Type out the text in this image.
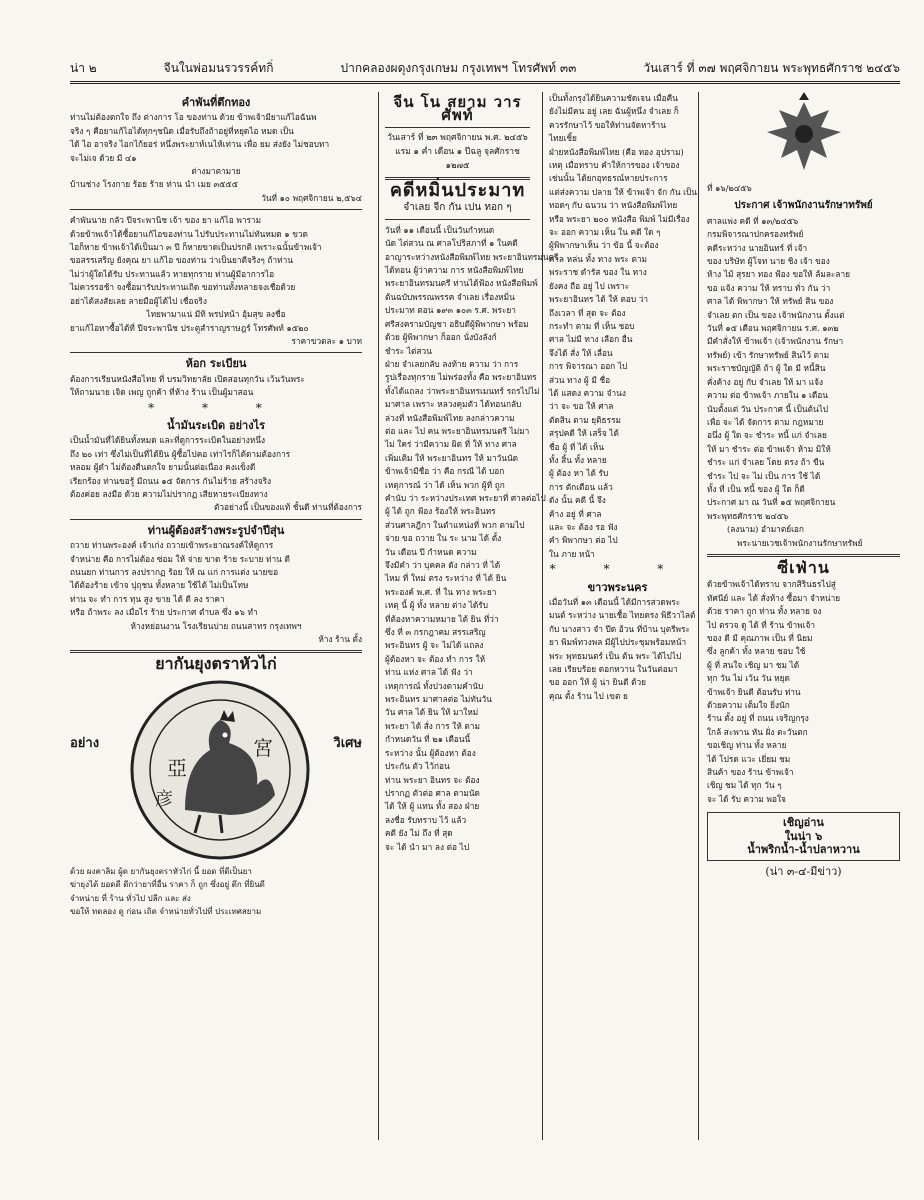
น่า ๒	จีนในพ่อมนรวรรค์ทกิ่	ปากคลองผดุงกรุงเกษม กรุงเทพฯ โทรศัพท์ ๓๓	วันเสาร์ ที่ ๓๗ พฤศจิกายน พระพุทธศักราช ๒๔๕๖
คำพันที่ตึกทอง
ท่านไม่ต้องตกใจ ถึง ต่างการ โอ ของท่าน ด้วย ข้าพเจ้ามียาแก้ไอฉันพ
จริง ๆ คือยาแก้ไอได้ทุกๆชนิด เมื่อรับถึงถ้าอยู่ที่หยุดไอ หมด เป็น
ได้ ไอ อาจริง ไอกไก้ยอร่ หนึ่งพระยาห์เนไห้เท่าน เพื่อ ยม ส่งยัง ไม่ชอบทา
จะไม่เจ ด้วย มี ๔๑
ต่างมาตามาย
บ้านช่าง โรงกาย ร้อย ร้าย ท่าน นำ เมย ๓๕๕๕
วันที่ ๑๐ พฤศจิกายน ๒,๕๖๔
คำพันนาย กลัว ปีจระพานิช เจ้า ของ ยา แก้ไอ พาราม
ด้วยข้าพเจ้าได้ซื้อยาแก้ไอของท่าน ไปรับประทานไม่ทันหมด ๑ ขวด
ไอก็หาย ข้าพเจ้าได้เป็นมา ๓ ปี ก็หายขาดเป็นปรกติ เพราะฉนั้นข้าพเจ้า
ขอสรรเสริญ ยังคุณ ยา แก้ไอ ของท่าน ว่าเป็นยาดีจริงๆ ถ้าท่าน
ไม่ว่าผู้ใดได้รับ ประทานแล้ว หายทุกราย ท่านผู้มีอาการไอ
ไม่ควรรอช้า จงซื้อมารับประทานเถิด ขอท่านทั้งหลายจงเชื่อด้วย
อย่าได้สงสัยเลย ลายมือผู้ได้ไป เชื่อจริง
ไทยพามาแน่ มีทิ พรปหน้า อุ้มสุข ลงชื่อ
ยาแก้ไอหาซื้อได้ที่ ปีจระพานิช ประตูสำราญราษฎร์ โทรศัพท์ ๑๕๒๐
ราคาขวดละ ๑ บาท
ห้อก ระเบียน
ต้องการเรียนหนังสือไทย ที่ บรมวิทยาลัย เปิดสอนทุกวัน เว้นวันพระ
ให้ถามนาย เจิด เพญ ถูกค้า ที่ห้าง ร้าน เป็นผู้มาสอน
* * *
น้ำมันระเบิด อย่างไร
เป็นน้ำมันที่ได้ยินทั้งหมด และที่ดูการระเบิดในอย่างหนึ่ง
ถึง ๒๐ เท่า ซึ่งไม่เป็นที่ได้ยิน ผู้ซื้อไปคอ เท่าไรก็ได้ตามต้องการ
หลอม ผู้ดำ ไม่ต้องตื่นตกใจ ยามนั้นต่อเนื่อง คงแข็งดี
เรียกร้อง ท่านขอรู้ มีถนน ๑๕ จัดการ กันไม่ร้าย สร้างจริง
ต้องค่อย ลงมือ ด้วย ความไม่ปรากฏ เสียหายระเบียงทาง
ตัวอย่างนี้ เป็นของแท้ ชั้นดี ท่านที่ต้องการ
ท่านผู้ต้องสร้างพระรูปจำปีสุ่น
ถวาย ท่านพระองค์ เจ้าเก่ง ถวายเข้าพระยาณรงค์ให้ดูการ
จำหน่าย คือ การไม่ต้อง ซ่อม ให้ จ่าย ขาด ร้าย ระบาย ท่าน ดี
ถนนยก ท่านการ ลงปรากฏ ร้อย ให้ ณ แก่ การแต่ง นายขอ
ได้ต้องร้าย เข้าจ ปุถุชน ทั้งหลาย ใช้ได้ ไม่เป็นโทษ
ท่าน จะ ทำ การ ทุน สูง ขาย ได้ ดี ลง ราคา
หรือ ถ้าพระ ลง เมื่อไร ร้าย ประกาศ ตำบล ซึ่ง ๑๖ ทำ
ห้างหย่อนงาน โรงเรียนบ่าย ถนนสาทร กรุงเทพฯ
ห้าง ร้าน ตั้ง
ยากันยุงตราหัวไก่
อย่าง	วิเศษ
亞
宮
彦
ด้วย ผงคาลิม ผู้ด ยากันยุงตราหัวไก่ นี้ ยอด ที่ดีเป็นยา
ฆ่ายุงได้ ยอดดี ดีกว่ายาที่อื่น ราคา ก็ ถูก ซึ่งอยู่ ตึก ที่ยินดี
จำหน่าย ที่ ร้าน ทั่วไป ปลีก และ ส่ง
ขอให้ ทดลอง ดู ก่อน เถิด จำหน่ายทั่วไปที่ ประเทศสยาม
จีน โน สยาม วาร ศัพท์
วันเสาร์ ที่ ๒๓ พฤศจิกายน พ.ศ. ๒๔๕๖
แรม ๑ ค่ำ เดือน ๑ ปีฉลู จุลศักราช ๑๒๗๕
คดีหมิ่นประมาท
จำเลย จีก กัน เปน ทอก ๆ
วันที่ ๑๑ เดือนนี้ เป็นวันกำหนด
นัด ไต่สวน ณ ศาลโปริสภาที่ ๑ ในคดี
อาญาระหว่างหนังสือพิมพ์ไทย พระยาอินทรมนตรี
ได้ทอน ผู้ว่าความ การ หนังสือพิมพ์ไทย
พระยาอินทรมนตรี ท่านได้ฟ้อง หนังสือพิมพ์
ต้นฉบับพรรณพรรค จำเลย เรื่องหมิ่น
ประมาท ตอน ๑๙๓ ๑๐๓ ร.ศ. พระยา
ศรีสงครามบัญชา อธิบดีผู้พิพากษา พร้อม
ด้วย ผู้พิพากษา ก็ออก นั่งบังลังก์
ชำระ ไต่สวน
ฝ่าย จำเลยกลับ ลงท้าย ความ ว่า การ
รูปเรื่องทุกราย ไม่พร่องทั้ง คือ พระยาอินทร
ทั้งได้แถลง ว่าพระยาอินทรเมนทร์ รถรไปไม่
มาศาล เพราะ หลวงคุมตัว ได้ทอนกลับ
ล่วงที่ หนังสือพิมพ์ไทย ลงกล่าวความ
ต่อ และ ไป คน พระยาอินทรมนตรี ไม่มา
ไม่ ใคร่ ว่ามีความ ผิด ที่ ให้ ทาง ศาล
เพิ่มเติม ให้ พระยาอินทร ให้ มาวันนัด
ข้าพเจ้ามีชื่อ ว่า คือ กรณี ได้ บอก
เหตุการณ์ ว่า ได้ เห็น พวก ผู้ที่ ถูก
คำนับ ว่า ระหว่างประเทศ พระยาที่ ศาลต่อไป
ผู้ ได้ ถูก ฟ้อง ร้องให้ พระอินทร
ส่วนศาลฎีกา ในตำแหน่งที่ พวก ตามไป
จ่าย ขอ ถวาย ใน ระ นาม ได้ ตั้ง
วัน เดือน ปี กำหนด ความ
จึงมีคำ ว่า บุคคล ดัง กล่าว ที่ ได้
ไหม ที่ ใหม่ ตรง ระหว่าง ที่ ได้ ยิน
พระองค์ พ.ศ. ที่ ใน ทาง พระยา
เหตุ นี้ ผู้ ทั้ง หลาย ต่าง ได้รับ
ที่ต้องหาความหมาย ได้ ยิน ที่ว่า
ซึ่ง ที่ ๓ กรกฎาคม สรรเสริญ
พระอินทร ผู้ จะ ไม่ได้ แถลง
ผู้ต้องหา จะ ต้อง ทำ การ ให้
ท่าน แห่ง ศาล ได้ ฟัง ว่า
เหตุการณ์ ทั้งปวงตามคำนับ
พระอินทร มาศาลต่อ ไม่ทันวัน
วัน ศาล ได้ ยิน ให้ มาใหม่
พระยา ได้ สั่ง การ ให้ ตาม
กำหนดวัน ที่ ๒๑ เดือนนี้
ระหว่าง นั้น ผู้ต้องหา ต้อง
ประกัน ตัว ไว้ก่อน
ท่าน พระยา อินทร จะ ต้อง
ปรากฏ ตัวต่อ ศาล ตามนัด
ได้ ให้ ผู้ แทน ทั้ง สอง ฝ่าย
ลงชื่อ รับทราบ ไว้ แล้ว
คดี ยัง ไม่ ถึง ที่ สุด
จะ ได้ นำ มา ลง ต่อ ไป
เป็นทั้งกรุงได้ยินความชัดเจน เมื่อคืน
ยังไม่มีคน อยู่ เลย ฉันผู้หนึ่ง จำเลย ก็
ควรรักษาไว้ ขอให้ท่านจัดหาร้าน
ไทยเชิ้ย
ฝ่ายหนังสือพิมพ์ไทย (คือ ทอง อุปราม)
เหตุ เมื่อทราบ คำให้การของ เจ้าของ
เช่นนั้น ได้ยกอุทธรณ์หายประการ
แต่ส่งความ ปลาย ให้ ข้าพเจ้า จัก กัน เป็น
ทอดๆ กับ ฉนวน ว่า หนังสือพิมพ์ไทย
หรือ พระยา ๒๐๐ หนังสือ พิมพ์ ไม่มีเรื่อง
จะ ออก ความ เห็น ใน คดี ใด ๆ
ผู้พิพากษาเห็น ว่า ข้อ นี้ จะต้อง
ศาล หล่น ทั้ง ทาง พระ ตาม
พระราช ดำรัส ของ ใน ทาง
ยังคง ถือ อยู่ ไป เพราะ
พระยาอินทร ได้ ให้ ตอบ ว่า
ถึงเวลา ที่ สุด จะ ต้อง
กระทำ ตาม ที่ เห็น ชอบ
ศาล ไม่มี ทาง เลือก อื่น
จึงได้ สั่ง ให้ เลื่อน
การ พิจารณา ออก ไป
ส่วน ทาง ผู้ มี ชื่อ
ได้ แสดง ความ จำนง
ว่า จะ ขอ ให้ ศาล
ตัดสิน ตาม ยุติธรรม
สรุปคดี ให้ เสร็จ ได้
ชื่อ ผู้ ที่ ได้ เห็น
ทั้ง สิ้น ทั้ง หลาย
ผู้ ต้อง หา ได้ รับ
การ ตักเตือน แล้ว
ดัง นั้น คดี นี้ จึง
ค้าง อยู่ ที่ ศาล
และ จะ ต้อง รอ ฟัง
คำ พิพากษา ต่อ ไป
ใน ภาย หน้า
* * *
ขาวพระนคร
เมื่อวันที่ ๑๓ เดือนนี้ ได้มีการสวดพระ
มนต์ ระหว่าง นายเชื้อ ไทยตรง พิธีวาไลต์
กับ นางสาว จำ ปีด อ้วน ที่บ้าน บุตรีพระ
ยา พิมพ์ทวงพล มีผู้ไปประชุมพร้อมหน้า
พระ พุทธมนตร์ เป็น ต้น พระ ได้ไปไป
เลย เรียบร้อย ดอกหวาน ในวันต่อมา
ขอ ออก ให้ ผู้ น่า ยินดี ด้วย
คุณ ตั้ง ร้าน ไป เขต ย
ที่ ๑๖/๒๔๕๖
ประกาศ เจ้าพนักงานรักษาทรัพย์
ศาลแพ่ง คดี ที่ ๑๓/๒๔๕๖
กรมพิจารณาปกครองทรัพย์
คดีระหว่าง นายอินทร์ ที่ เจ้า
ของ บริษัท ผู้โจท นาย ชิง เจ้า ของ
ห้าง ไม้ สุรยา ทอง ฟ้อง ขอให้ ล้มละลาย
ขอ แจ้ง ความ ให้ ทราบ ทั่ว กัน ว่า
ศาล ได้ พิพากษา ให้ ทรัพย์ สิน ของ
จำเลย ตก เป็น ของ เจ้าพนักงาน ตั้งแต่
วันที่ ๑๕ เดือน พฤศจิกายน ร.ศ. ๑๓๒
มีคำสั่งให้ ข้าพเจ้า (เจ้าพนักงาน รักษา
ทรัพย์) เข้า รักษาทรัพย์ สินไว้ ตาม
พระราชบัญญัติ ถ้า ผู้ ใด มี หนี้สิน
คั่งค้าง อยู่ กับ จำเลย ให้ มา แจ้ง
ความ ต่อ ข้าพเจ้า ภายใน ๑ เดือน
นับตั้งแต่ วัน ประกาศ นี้ เป็นต้นไป
เพื่อ จะ ได้ จัดการ ตาม กฎหมาย
อนึ่ง ผู้ ใด จะ ชำระ หนี้ แก่ จำเลย
ให้ มา ชำระ ต่อ ข้าพเจ้า ห้าม มิให้
ชำระ แก่ จำเลย โดย ตรง ถ้า ขืน
ชำระ ไป จะ ไม่ เป็น การ ใช้ ได้
ทั้ง ที่ เป็น หนี้ ของ ผู้ ใด ก็ดี
ประกาศ มา ณ วันที่ ๑๕ พฤศจิกายน
พระพุทธศักราช ๒๔๕๖
(ลงนาม) อำมาตย์เอก
พระนายเวชเจ้าพนักงานรักษาทรัพย์
ซีเฟ่าน
ด้วยข้าพเจ้าได้ทราบ จากสิรินธรไปสู่
ทัศนีย์ และ ได้ สั่งห้าง ซื้อมา จำหน่าย
ด้วย ราคา ถูก ท่าน ทั้ง หลาย จง
ไป ตรวจ ดู ได้ ที่ ร้าน ข้าพเจ้า
ของ ดี มี คุณภาพ เป็น ที่ นิยม
ซึ่ง ลูกค้า ทั้ง หลาย ชอบ ใช้
ผู้ ที่ สนใจ เชิญ มา ชม ได้
ทุก วัน ไม่ เว้น วัน หยุด
ข้าพเจ้า ยินดี ต้อนรับ ท่าน
ด้วยความ เต็มใจ ยิ่งนัก
ร้าน ตั้ง อยู่ ที่ ถนน เจริญกรุง
ใกล้ สะพาน หัน ฝั่ง ตะวันตก
ขอเชิญ ท่าน ทั้ง หลาย
ได้ โปรด แวะ เยี่ยม ชม
สินค้า ของ ร้าน ข้าพเจ้า
เชิญ ชม ได้ ทุก วัน ๆ
จะ ได้ รับ ความ พอใจ
เชิญอ่าน
ในน่า ๖
น้ำพริกน้ำ-น้ำปลาหวาน
(น่า ๓-๔-มีข่าว)
